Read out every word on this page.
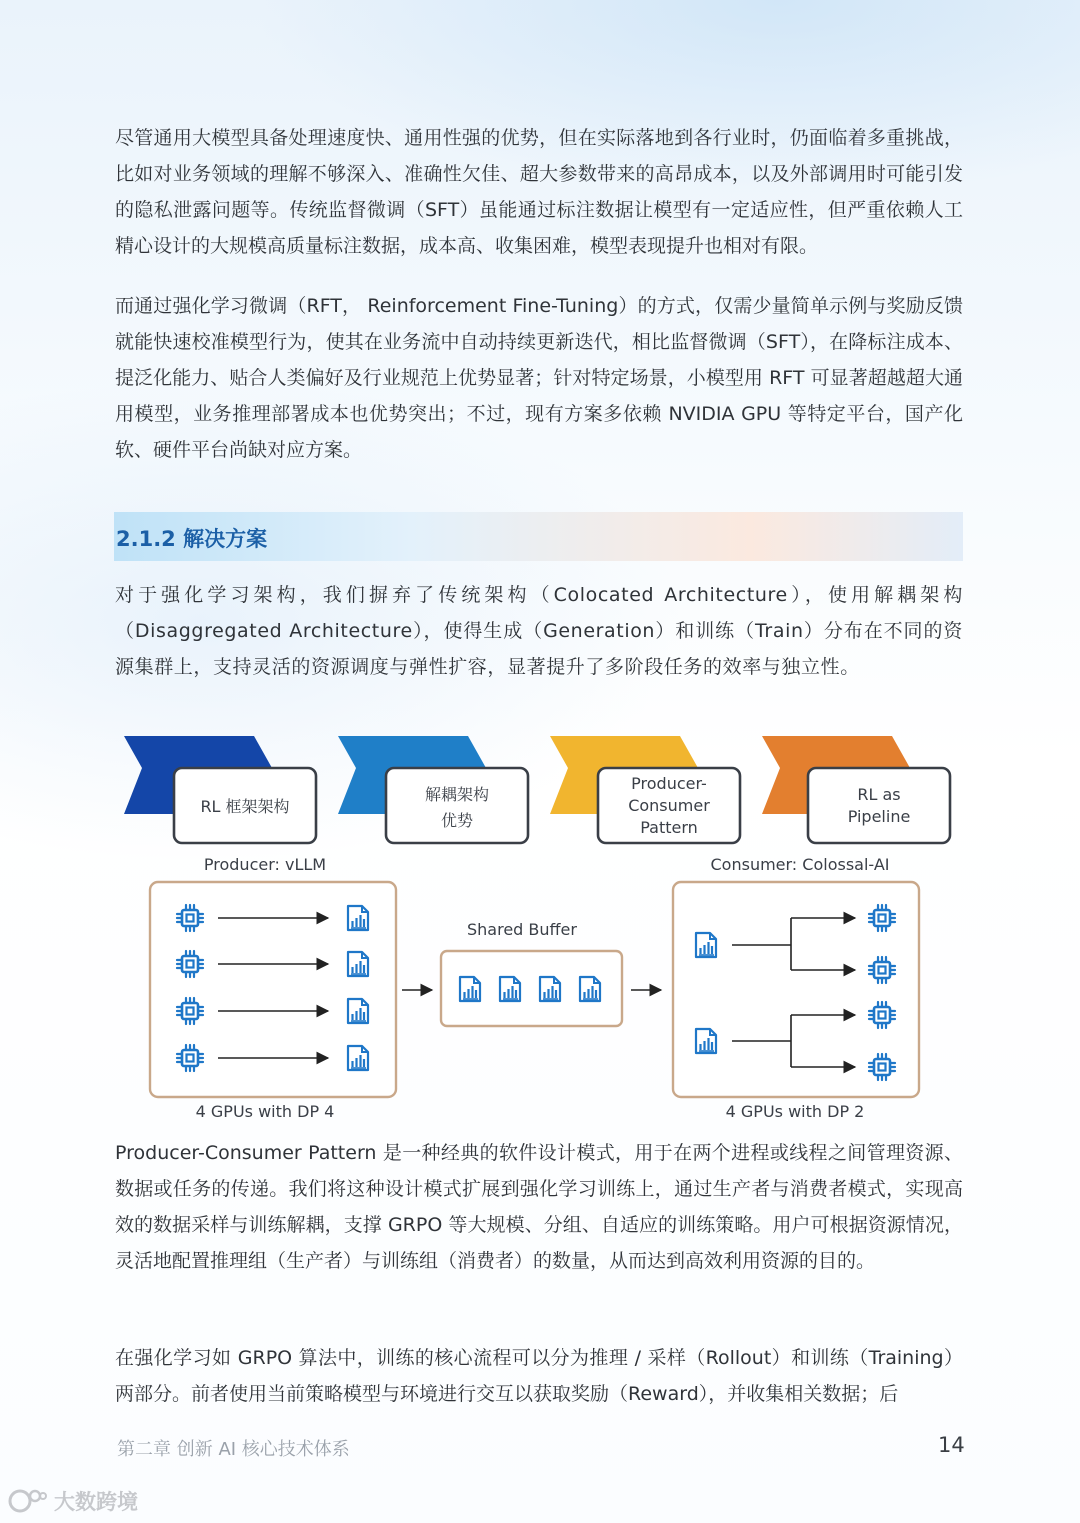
尽管通用大模型具备处理速度快、通用性强的优势，但在实际落地到各行业时，仍面临着多重挑战，比如对业务领域的理解不够深入、准确性欠佳、超大参数带来的高昂成本，以及外部调用时可能引发的隐私泄露问题等。传统监督微调（SFT）虽能通过标注数据让模型有一定适应性，但严重依赖人工精心设计的大规模高质量标注数据，成本高、收集困难，模型表现提升也相对有限。

而通过强化学习微调（RFT， Reinforcement Fine-Tuning）的方式，仅需少量简单示例与奖励反馈就能快速校准模型行为，使其在业务流中自动持续更新迭代，相比监督微调（SFT），在降标注成本、提泛化能力、贴合人类偏好及行业规范上优势显著；针对特定场景，小模型用 RFT 可显著超越超大通用模型，业务推理部署成本也优势突出；不过，现有方案多依赖 NVIDIA GPU 等特定平台，国产化软、硬件平台尚缺对应方案。

2.1.2 解决方案

对于强化学习架构，我们摒弃了传统架构（Colocated Architecture），使用解耦架构（Disaggregated Architecture），使得生成（Generation）和训练（Train）分布在不同的资源集群上，支持灵活的资源调度与弹性扩容，显著提升了多阶段任务的效率与独立性。

RL 框架架构
解耦架构
优势
Producer-
Consumer
Pattern
RL as
Pipeline
Producer: vLLM
4 GPUs with DP 4
Shared Buffer
Consumer: Colossal-AI
4 GPUs with DP 2

Producer-Consumer Pattern 是一种经典的软件设计模式，用于在两个进程或线程之间管理资源、数据或任务的传递。我们将这种设计模式扩展到强化学习训练上，通过生产者与消费者模式，实现高效的数据采样与训练解耦，支撑 GRPO 等大规模、分组、自适应的训练策略。用户可根据资源情况，灵活地配置推理组（生产者）与训练组（消费者）的数量，从而达到高效利用资源的目的。

在强化学习如 GRPO 算法中，训练的核心流程可以分为推理 / 采样（Rollout）和训练（Training）两部分。前者使用当前策略模型与环境进行交互以获取奖励（Reward），并收集相关数据；后

第二章 创新 AI 核心技术体系	14
大数跨境
